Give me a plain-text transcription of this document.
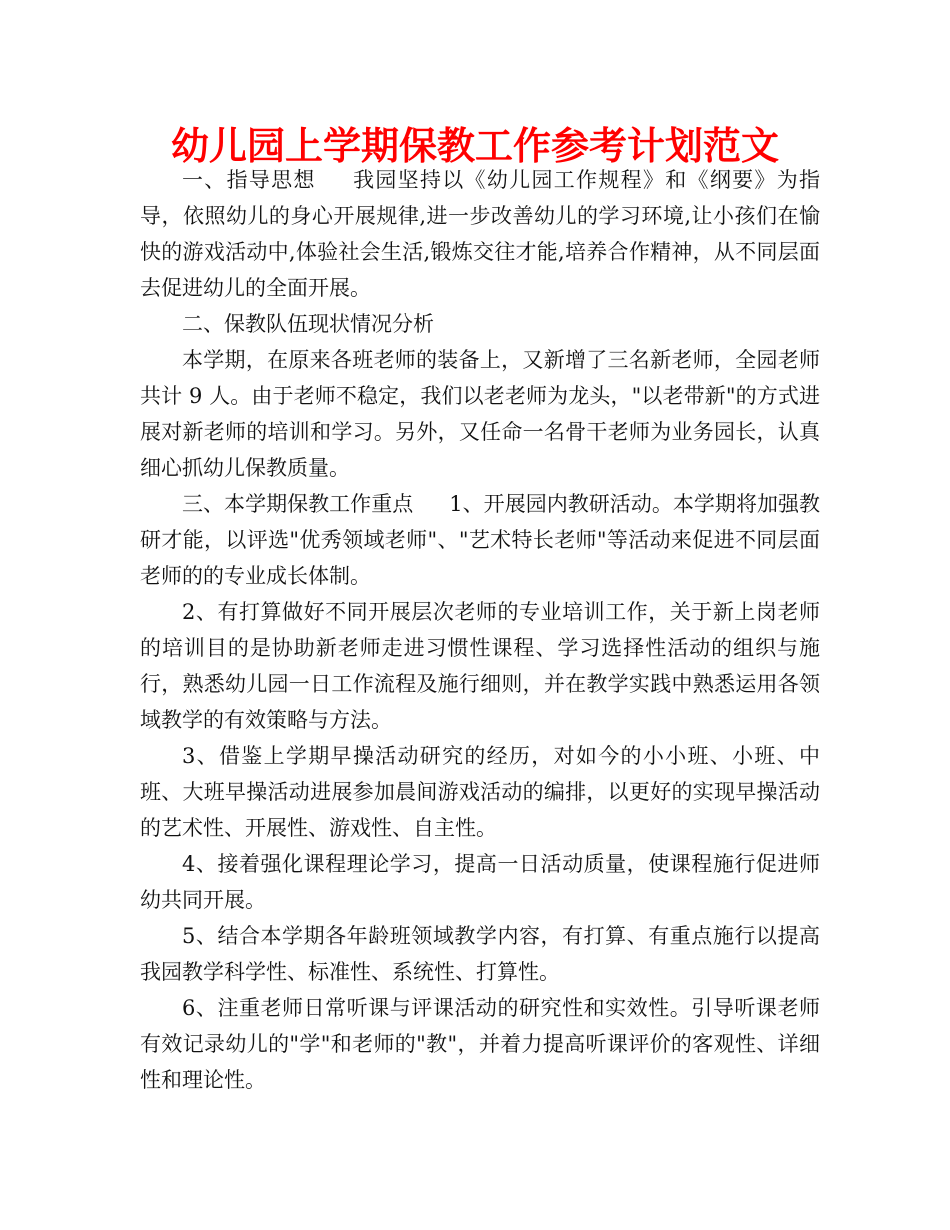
幼儿园上学期保教工作参考计划范文

一、指导思想 我园坚持以《幼儿园工作规程》和《纲要》为指导，依照幼儿的身心开展规律,进一步改善幼儿的学习环境,让小孩们在愉快的游戏活动中,体验社会生活,锻炼交往才能,培养合作精神，从不同层面去促进幼儿的全面开展。

二、保教队伍现状情况分析

本学期，在原来各班老师的装备上，又新增了三名新老师，全园老师共计 9 人。由于老师不稳定，我们以老老师为龙头，"以老带新"的方式进展对新老师的培训和学习。另外，又任命一名骨干老师为业务园长，认真细心抓幼儿保教质量。

三、本学期保教工作重点 1、开展园内教研活动。本学期将加强教研才能，以评选"优秀领域老师"、"艺术特长老师"等活动来促进不同层面老师的的专业成长体制。

2、有打算做好不同开展层次老师的专业培训工作，关于新上岗老师的培训目的是协助新老师走进习惯性课程、学习选择性活动的组织与施行，熟悉幼儿园一日工作流程及施行细则，并在教学实践中熟悉运用各领域教学的有效策略与方法。

3、借鉴上学期早操活动研究的经历，对如今的小小班、小班、中班、大班早操活动进展参加晨间游戏活动的编排，以更好的实现早操活动的艺术性、开展性、游戏性、自主性。

4、接着强化课程理论学习，提高一日活动质量，使课程施行促进师幼共同开展。

5、结合本学期各年龄班领域教学内容，有打算、有重点施行以提高我园教学科学性、标准性、系统性、打算性。

6、注重老师日常听课与评课活动的研究性和实效性。引导听课老师有效记录幼儿的"学"和老师的"教"，并着力提高听课评价的客观性、详细性和理论性。
